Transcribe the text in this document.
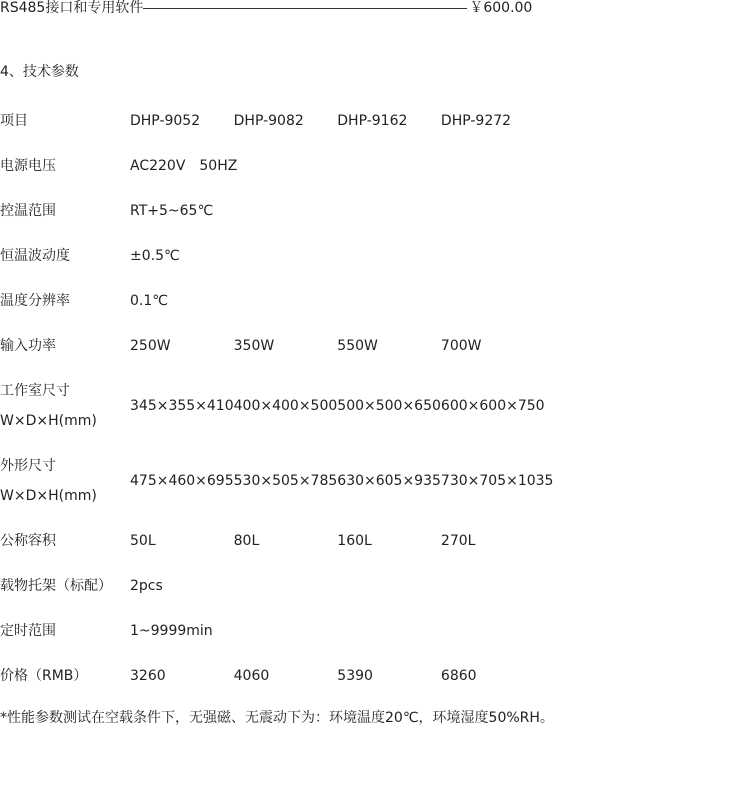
RS485接口和专用软件	￥600.00
4、技术参数
项目	DHP-9052	DHP-9082	DHP-9162	DHP-9272
电源电压	AC220V　50HZ			
控温范围	RT+5~65℃			
恒温波动度	±0.5℃			
温度分辨率	0.1℃			
输入功率	250W	350W	550W	700W

工作室尺寸
W×D×H(mm)	345×355×410	400×400×500	500×500×650	600×600×750

外形尺寸
W×D×H(mm)	475×460×695	530×505×785	630×605×935	730×705×1035
公称容积	50L	80L	160L	270L
载物托架（标配）	2pcs			
定时范围	1~9999min			
价格（RMB）	3260	4060	5390	6860
*性能参数测试在空载条件下，无强磁、无震动下为：环境温度20℃，环境湿度50%RH。
